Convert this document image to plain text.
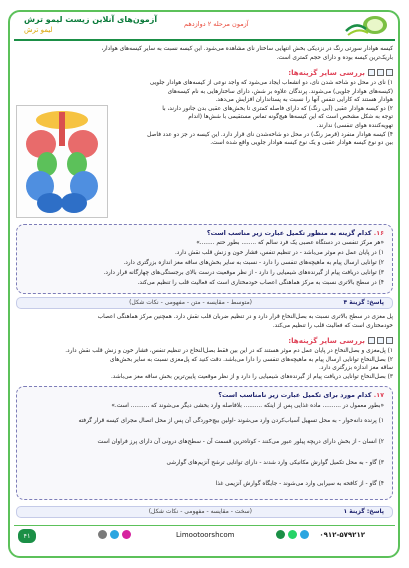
آزمون‌های آنلاین زیست لیمو ترش
لیمو ترش
آزمون مرحله ۲ دوازدهم
کیسه هوادار سورتی رنگ در نزدیکی بخش انتهایی ساختار نای مشاهده می‌شود. این کیسه نسبت به سایر کیسه‌های هوادار،
باریک‌ترین کیسه بوده و دارای حجم کمتری است.
بررسی سایر گزینه‌ها:
۱) نای در محل دو شاخه شدن نای، دو انشعاب ایجاد می‌شود که واجد نوعی از کیسه‌های هوادار جلویی
(کیسه‌های هوادار جلویی) می‌شوند. پرندگان علاوه بر شش، دارای ساختارهایی به نام کیسه‌های
هوادار هستند که کارایی تنفس آنها را نسبت به پستانداران افزایش می‌دهد.
۲) دو کیسه هوادار عقبی (آبی رنگ) که دارای فاصله کمتری تا بخش‌های عقبی بدن جانور دارند، با
توجه به شکل مشخص است که این کیسه‌ها هیچ‌گونه تماس مستقیمی با شش‌ها (اندام
تهویه‌کننده هوای تنفسی) ندارند.
۴) کیسه هوادار منفرد (قرمز رنگ) در محل دو شاخه‌شدن نای قرار دارد. این کیسه در جز دو عدد فاصل
بین دو نوع کیسه هوادار عقبی و یک نوع کیسه هوادار جلویی واقع شده است.
۱۶. کدام گزینه به منظور تکمیل عبارت زیر مناسب است؟
«هر مرکز تنفسی در دستگاه عصبی یک فرد سالم که ........ بطور حتم ........»
۱) در پایان عمل دم موثر می‌باشد - در تنظیم تنفس، فشار خون و زنش قلب نقش دارد.
۲) توانایی ارسال پیام به ماهیچه‌های تنفسی را دارد - نسبت به سایر بخش‌های ساقه مغز اندازه بزرگتری دارد.
۳) توانایی دریافت پیام از گیرنده‌های شیمیایی را دارد - از نظر موقعیت درست بالای برجستگی‌های چهارگانه قرار دارد.
۴) در سطح بالاتری نسبت به مرکز هماهنگی اعصاب خودمختاری است که فعالیت قلب را تنظیم می‌کند.
پاسخ: گزینهٔ ۴
(متوسط - مقایسه - متن - مفهومی - نکات شکل)
پل مغزی در سطح بالاتری نسبت به بصل‌النخاع قرار دارد و در تنظیم ضربان قلب نقش دارد. همچنین مرکز هماهنگی اعصاب
خودمختاری است که فعالیت قلب را تنظیم می‌کند.
بررسی سایر گزینه‌ها:
۱) پل‌مغزی و بصل‌النخاع در پایان عمل دم موثر هستند که در این بین فقط بصل‌النخاع در تنظیم تنفس، فشار خون و زنش قلب نقش دارد.
۲) بصل‌النخاع توانایی ارسال پیام به ماهیچه‌های تنفسی را دارا می‌باشد. دقت کنید که پل‌مغزی نسبت به سایر بخش‌های
ساقه مغز اندازه بزرگتری دارد.
۳) بصل‌النخاع توانایی دریافت پیام از گیرنده‌های شیمیایی را دارد و از نظر موقعیت پایین‌ترین بخش ساقه مغز می‌باشد.
۱۷. کدام مورد برای تکمیل عبارت زیر نامناسب است؟
«بطور معمول در .......... ماده غذایی پس از اینکه .......... بلافاصله وارد بخشی دیگر می‌شوند که .......... است.»
۱) پرنده دانه‌خوار - به محل تسهیل آسیاب‌کردن وارد می‌شوند -اولین بیچ‌خوردگی آن پس از محل اتصال مجرای کیسه قرار گرفته
۲) انسان - از بخش دارای دریچه پیلور عبور می‌کنند - کوتاه‌ترین قسمت آن - سطح‌های درونی آن دارای پرز فراوان است
۳) گاو - به محل تکمیل گوارش مکانیکی وارد شدند - دارای توانایی ترشح آنزیم‌های گوارشی
۴) گاو - از کافحه به سیرابی وارد می‌شوند - جایگاه گوارش آنزیمی غذا
پاسخ: گزینهٔ ۱
(سخت - مقایسه - مفهومی - نکات شکل)
۰۹۱۲-۵۷۹۲۱۲
Limootoorshcom
۴۱
